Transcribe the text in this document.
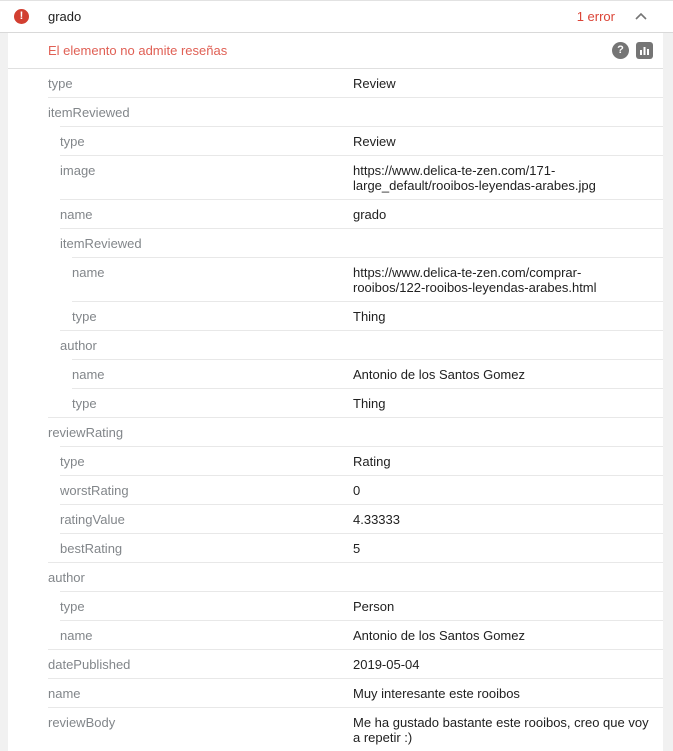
! grado	1 error
El elemento no admite reseñas	?
type	Review
itemReviewed
type	Review
image	https://www.delica-te-zen.com/171-large_default/rooibos-leyendas-arabes.jpg
name	grado
itemReviewed
name	https://www.delica-te-zen.com/comprar-rooibos/122-rooibos-leyendas-arabes.html
type	Thing
author
name	Antonio de los Santos Gomez
type	Thing
reviewRating
type	Rating
worstRating	0
ratingValue	4.33333
bestRating	5
author
type	Person
name	Antonio de los Santos Gomez
datePublished	2019-05-04
name	Muy interesante este rooibos
reviewBody	Me ha gustado bastante este rooibos, creo que voy a repetir :)
